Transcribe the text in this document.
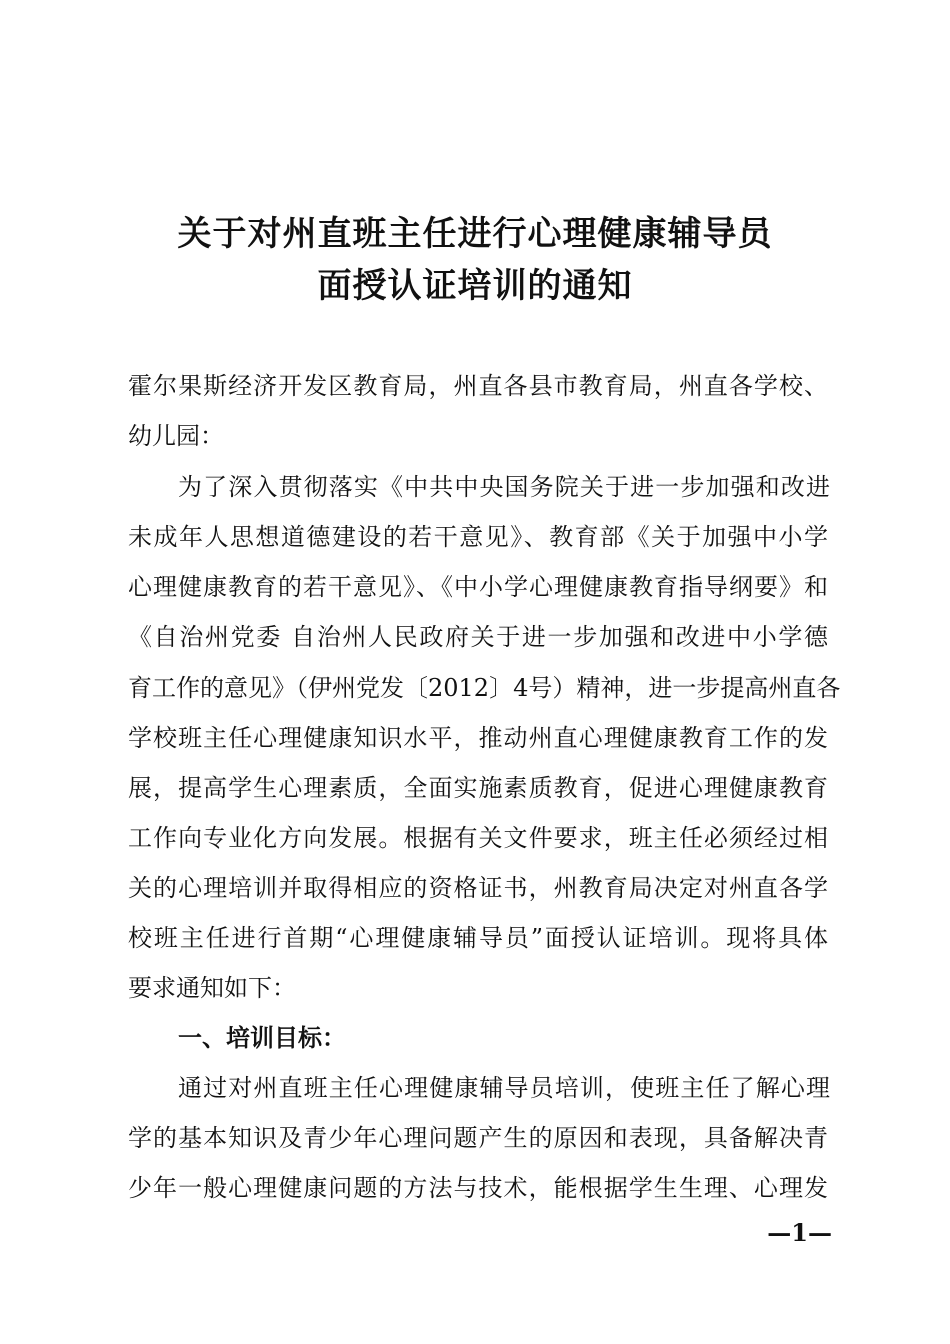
关于对州直班主任进行心理健康辅导员
面授认证培训的通知
霍尔果斯经济开发区教育局，州直各县市教育局，州直各学校、
幼儿园：
为了深入贯彻落实《中共中央国务院关于进一步加强和改进
未成年人思想道德建设的若干意见》、教育部《关于加强中小学
心理健康教育的若干意见》、《中小学心理健康教育指导纲要》和
《自治州党委 自治州人民政府关于进一步加强和改进中小学德
育工作的意见》（伊州党发〔2012〕4号）精神，进一步提高州直各
学校班主任心理健康知识水平，推动州直心理健康教育工作的发
展，提高学生心理素质，全面实施素质教育，促进心理健康教育
工作向专业化方向发展。根据有关文件要求，班主任必须经过相
关的心理培训并取得相应的资格证书，州教育局决定对州直各学
校班主任进行首期“心理健康辅导员”面授认证培训。现将具体
要求通知如下：
一、培训目标：
通过对州直班主任心理健康辅导员培训，使班主任了解心理
学的基本知识及青少年心理问题产生的原因和表现，具备解决青
少年一般心理健康问题的方法与技术，能根据学生生理、心理发
—1—
